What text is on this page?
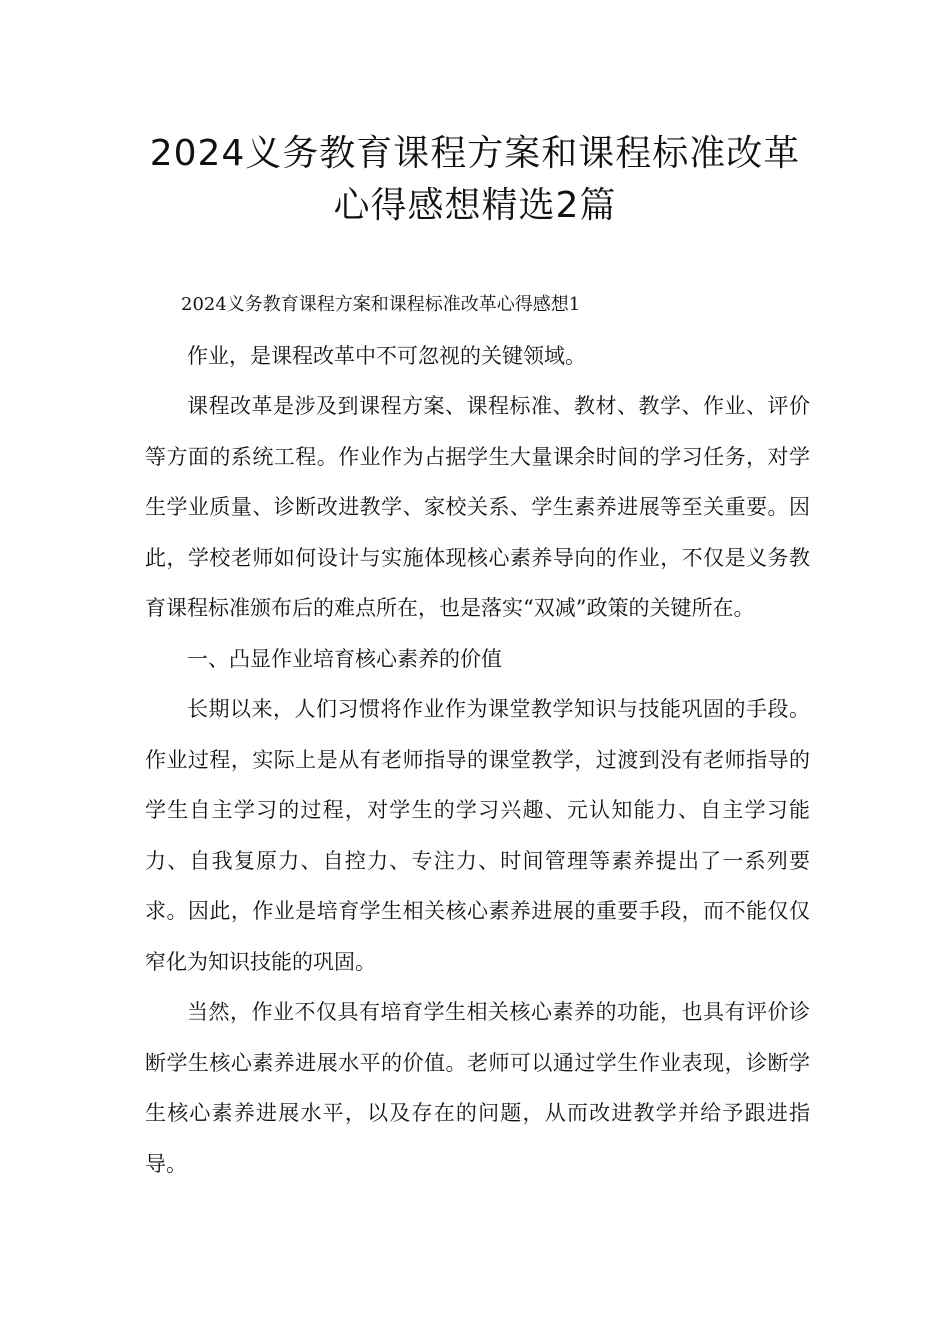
2024义务教育课程方案和课程标准改革
心得感想精选2篇

2024义务教育课程方案和课程标准改革心得感想1

作业，是课程改革中不可忽视的关键领域。

课程改革是涉及到课程方案、课程标准、教材、教学、作业、评价等方面的系统工程。作业作为占据学生大量课余时间的学习任务，对学生学业质量、诊断改进教学、家校关系、学生素养进展等至关重要。因此，学校老师如何设计与实施体现核心素养导向的作业，不仅是义务教育课程标准颁布后的难点所在，也是落实“双减”政策的关键所在。

一、凸显作业培育核心素养的价值

长期以来，人们习惯将作业作为课堂教学知识与技能巩固的手段。作业过程，实际上是从有老师指导的课堂教学，过渡到没有老师指导的学生自主学习的过程，对学生的学习兴趣、元认知能力、自主学习能力、自我复原力、自控力、专注力、时间管理等素养提出了一系列要求。因此，作业是培育学生相关核心素养进展的重要手段，而不能仅仅窄化为知识技能的巩固。

当然，作业不仅具有培育学生相关核心素养的功能，也具有评价诊断学生核心素养进展水平的价值。老师可以通过学生作业表现，诊断学生核心素养进展水平，以及存在的问题，从而改进教学并给予跟进指导。
